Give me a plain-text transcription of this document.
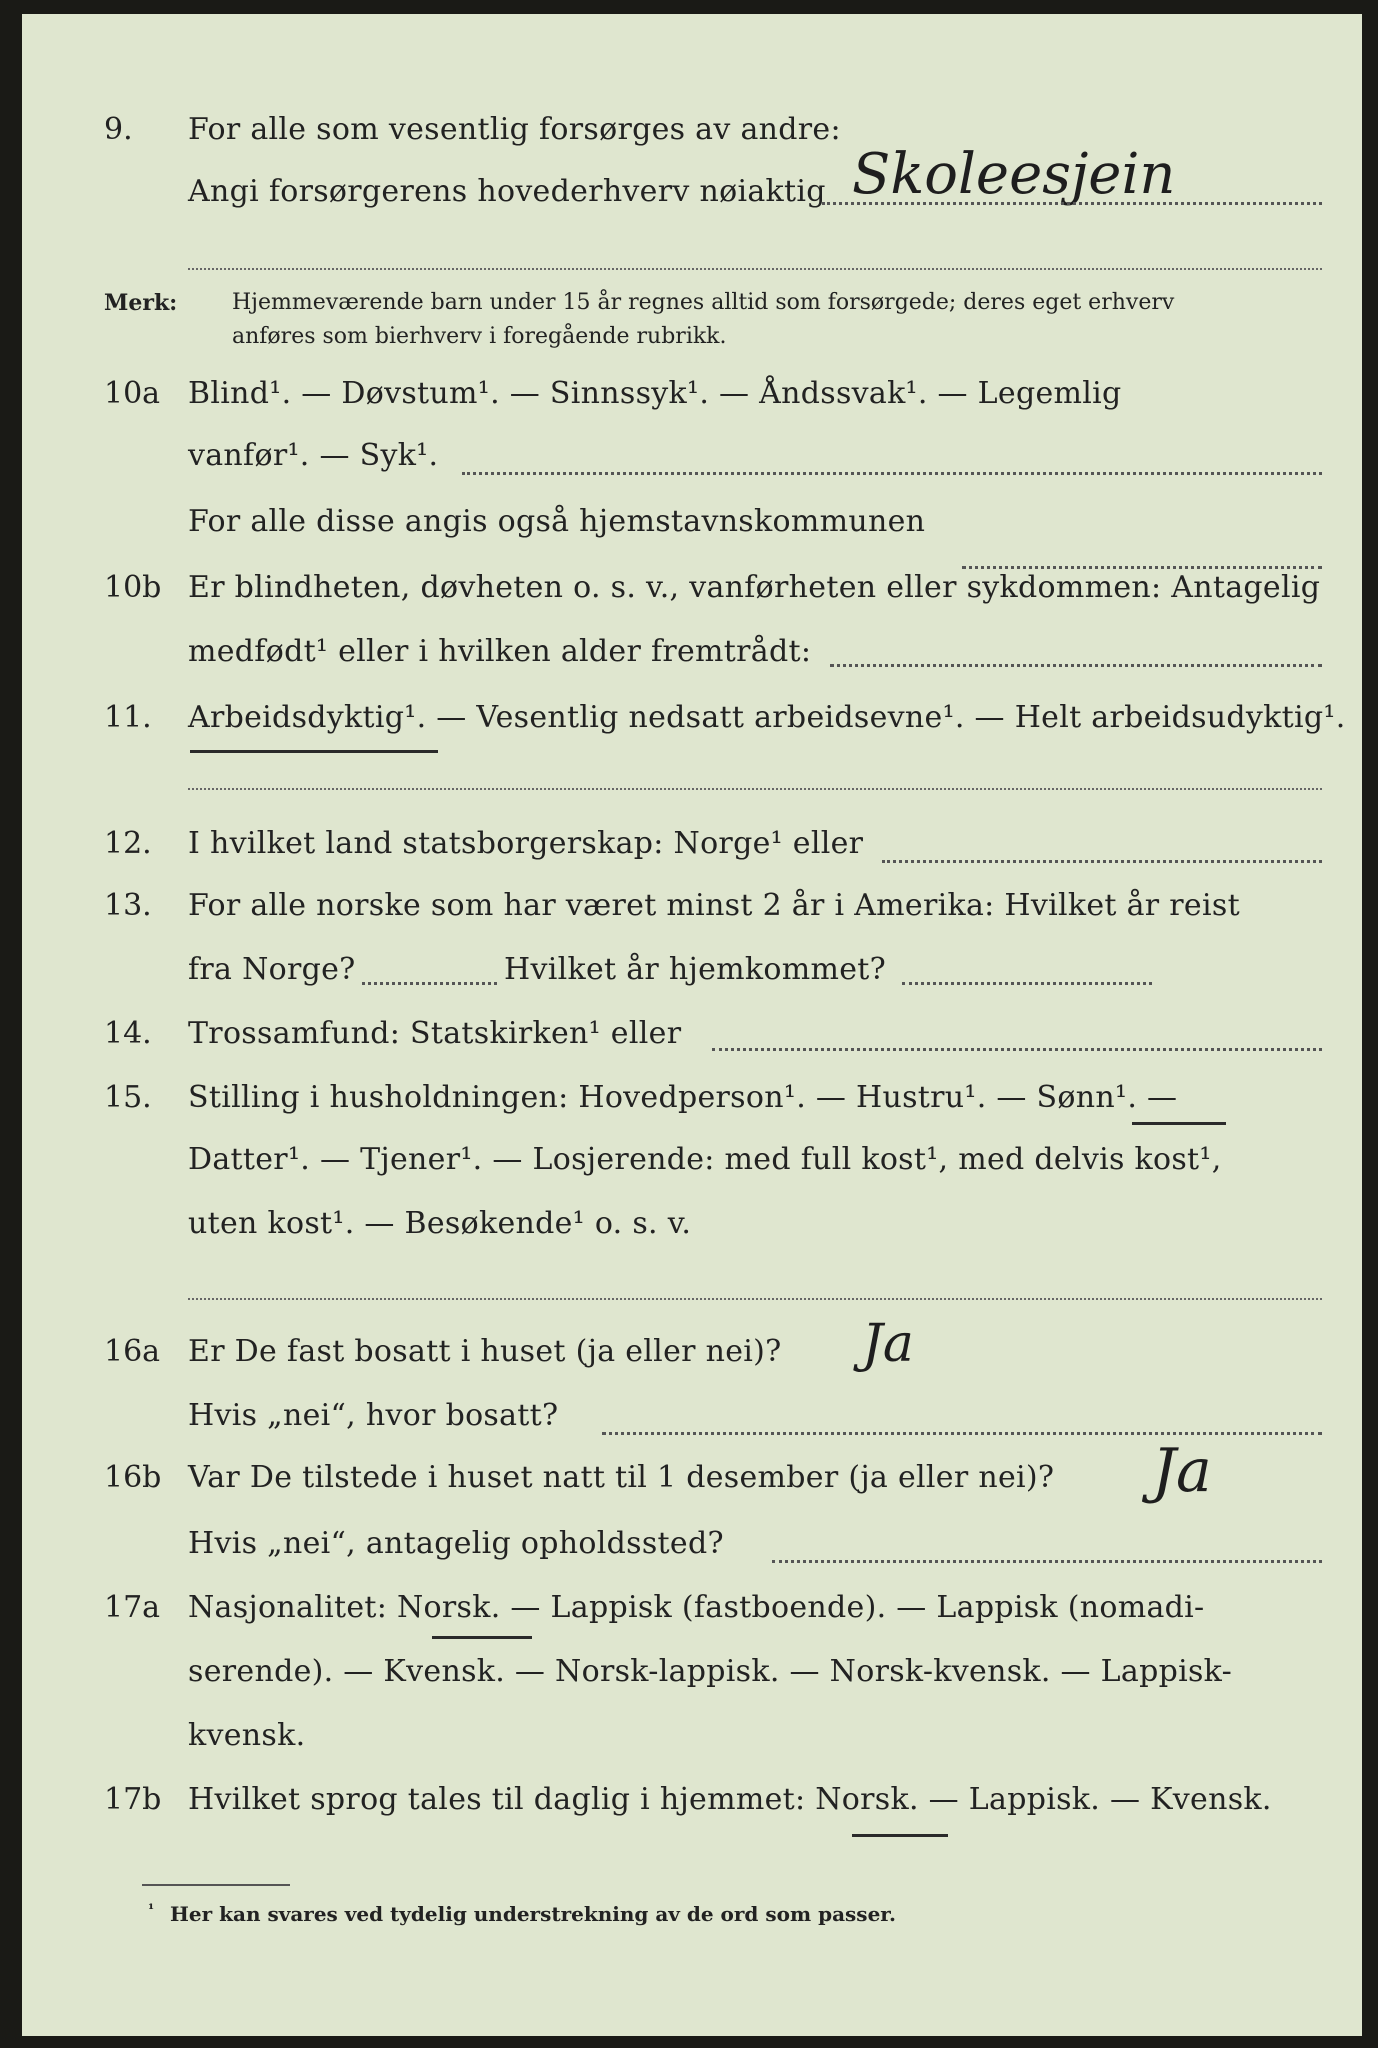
9. For alle som vesentlig forsørges av andre:
Angi forsørgerens hovederhverv nøiaktig Skoleesjein
Merk: Hjemmeværende barn under 15 år regnes alltid som forsørgede; deres eget erhverv
anføres som bierhverv i foregående rubrikk.
10a Blind¹. — Døvstum¹. — Sinnssyk¹. — Åndssvak¹. — Legemlig
vanfør¹. — Syk¹.
For alle disse angis også hjemstavnskommunen
10b Er blindheten, døvheten o. s. v., vanførheten eller sykdommen: Antagelig
medfødt¹ eller i hvilken alder fremtrådt:
11. Arbeidsdyktig¹. — Vesentlig nedsatt arbeidsevne¹. — Helt arbeidsudyktig¹.
12. I hvilket land statsborgerskap: Norge¹ eller
13. For alle norske som har været minst 2 år i Amerika: Hvilket år reist
fra Norge?	Hvilket år hjemkommet?
14. Trossamfund: Statskirken¹ eller
15. Stilling i husholdningen: Hovedperson¹. — Hustru¹. — Sønn¹. —
Datter¹. — Tjener¹. — Losjerende: med full kost¹, med delvis kost¹,
uten kost¹. — Besøkende¹ o. s. v.
16a Er De fast bosatt i huset (ja eller nei)? Ja
Hvis „nei“, hvor bosatt?
16b Var De tilstede i huset natt til 1 desember (ja eller nei)? Ja
Hvis „nei“, antagelig opholdssted?
17a Nasjonalitet: Norsk. — Lappisk (fastboende). — Lappisk (nomadi-
serende). — Kvensk. — Norsk-lappisk. — Norsk-kvensk. — Lappisk-
kvensk.
17b Hvilket sprog tales til daglig i hjemmet: Norsk. — Lappisk. — Kvensk.
¹ Her kan svares ved tydelig understrekning av de ord som passer.
